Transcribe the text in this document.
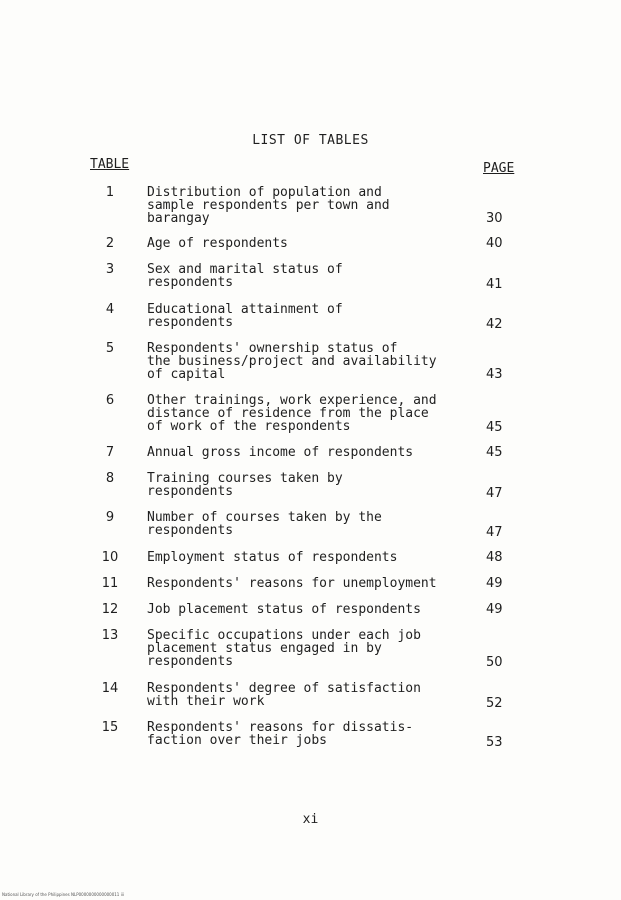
LIST OF TABLES
TABLE	PAGE
1	Distribution of population and
sample respondents per town and
barangay	30
2	Age of respondents	40
3	Sex and marital status of
respondents	41
4	Educational attainment of
respondents	42
5	Respondents' ownership status of
the business/project and availability
of capital	43
6	Other trainings, work experience, and
distance of residence from the place
of work of the respondents	45
7	Annual gross income of respondents	45
8	Training courses taken by
respondents	47
9	Number of courses taken by the
respondents	47
10	Employment status of respondents	48
11	Respondents' reasons for unemployment	49
12	Job placement status of respondents	49
13	Specific occupations under each job
placement status engaged in by
respondents	50
14	Respondents' degree of satisfaction
with their work	52
15	Respondents' reasons for dissatis-
faction over their jobs	53
xi
National Library of the Philippines NLP0000000000000011 iii
